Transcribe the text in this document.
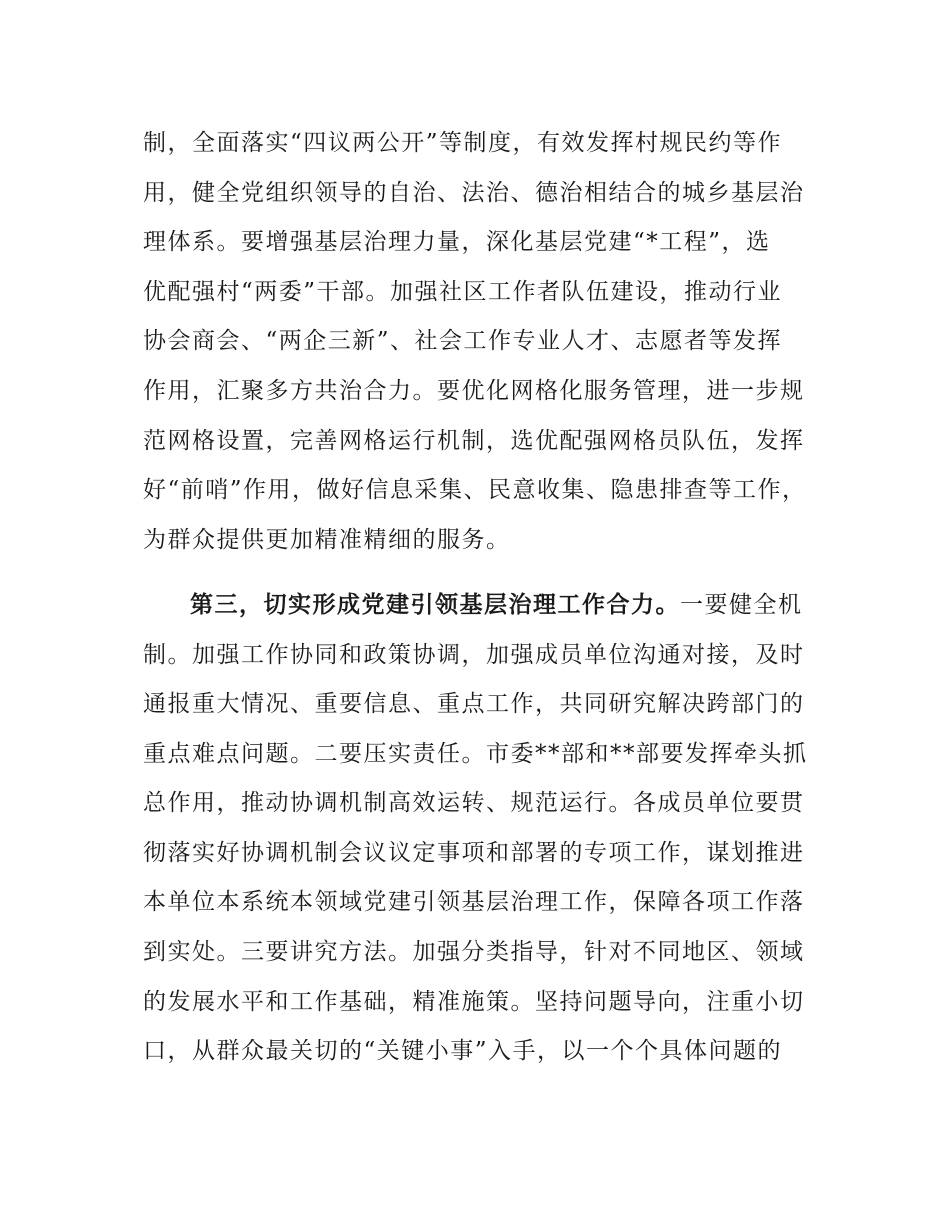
制，全面落实“四议两公开”等制度，有效发挥村规民约等作
用，健全党组织领导的自治、法治、德治相结合的城乡基层治
理体系。要增强基层治理力量，深化基层党建“*工程”，选
优配强村“两委”干部。加强社区工作者队伍建设，推动行业
协会商会、“两企三新”、社会工作专业人才、志愿者等发挥
作用，汇聚多方共治合力。要优化网格化服务管理，进一步规
范网格设置，完善网格运行机制，选优配强网格员队伍，发挥
好“前哨”作用，做好信息采集、民意收集、隐患排查等工作，
为群众提供更加精准精细的服务。
第三，切实形成党建引领基层治理工作合力。一要健全机
制。加强工作协同和政策协调，加强成员单位沟通对接，及时
通报重大情况、重要信息、重点工作，共同研究解决跨部门的
重点难点问题。二要压实责任。市委**部和**部要发挥牵头抓
总作用，推动协调机制高效运转、规范运行。各成员单位要贯
彻落实好协调机制会议议定事项和部署的专项工作，谋划推进
本单位本系统本领域党建引领基层治理工作，保障各项工作落
到实处。三要讲究方法。加强分类指导，针对不同地区、领域
的发展水平和工作基础，精准施策。坚持问题导向，注重小切
口，从群众最关切的“关键小事”入手，以一个个具体问题的
